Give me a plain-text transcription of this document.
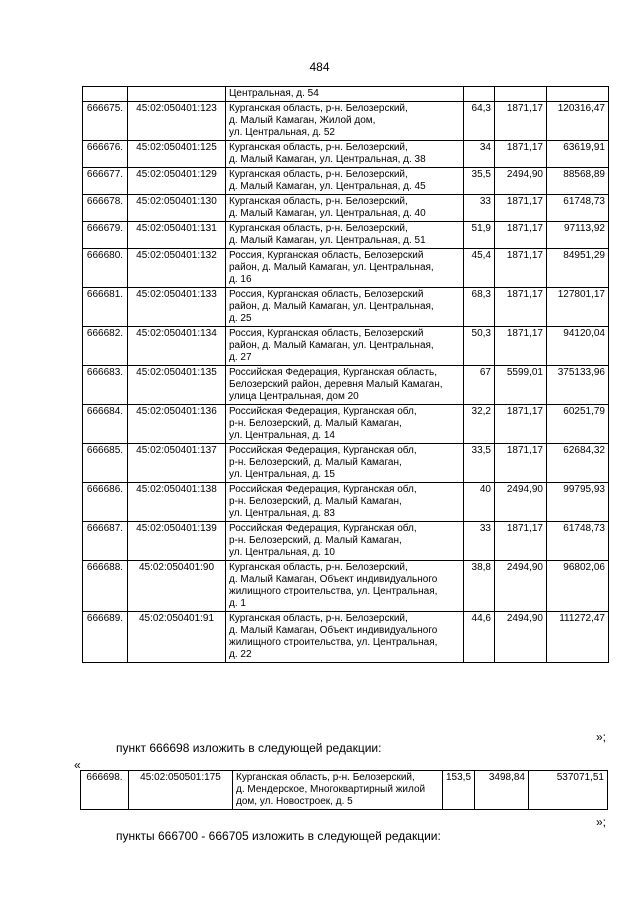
484
		Центральная, д. 54			
666675.	45:02:050401:123	Курганская область, р-н. Белозерский,
д. Малый Камаган, Жилой дом,
ул. Центральная, д. 52	64,3	1871,17	120316,47
666676.	45:02:050401:125	Курганская область, р-н. Белозерский,
д. Малый Камаган, ул. Центральная, д. 38	34	1871,17	63619,91
666677.	45:02:050401:129	Курганская область, р-н. Белозерский,
д. Малый Камаган, ул. Центральная, д. 45	35,5	2494,90	88568,89
666678.	45:02:050401:130	Курганская область, р-н. Белозерский,
д. Малый Камаган, ул. Центральная, д. 40	33	1871,17	61748,73
666679.	45:02:050401:131	Курганская область, р-н. Белозерский,
д. Малый Камаган, ул. Центральная, д. 51	51,9	1871,17	97113,92
666680.	45:02:050401:132	Россия, Курганская область, Белозерский
район, д. Малый Камаган, ул. Центральная,
д. 16	45,4	1871,17	84951,29
666681.	45:02:050401:133	Россия, Курганская область, Белозерский
район, д. Малый Камаган, ул. Центральная,
д. 25	68,3	1871,17	127801,17
666682.	45:02:050401:134	Россия, Курганская область, Белозерский
район, д. Малый Камаган, ул. Центральная,
д. 27	50,3	1871,17	94120,04
666683.	45:02:050401:135	Российская Федерация, Курганская область,
Белозерский район, деревня Малый Камаган,
улица Центральная, дом 20	67	5599,01	375133,96
666684.	45:02:050401:136	Российская Федерация, Курганская обл,
р-н. Белозерский, д. Малый Камаган,
ул. Центральная, д. 14	32,2	1871,17	60251,79
666685.	45:02:050401:137	Российская Федерация, Курганская обл,
р-н. Белозерский, д. Малый Камаган,
ул. Центральная, д. 15	33,5	1871,17	62684,32
666686.	45:02:050401:138	Российская Федерация, Курганская обл,
р-н. Белозерский, д. Малый Камаган,
ул. Центральная, д. 83	40	2494,90	99795,93
666687.	45:02:050401:139	Российская Федерация, Курганская обл,
р-н. Белозерский, д. Малый Камаган,
ул. Центральная, д. 10	33	1871,17	61748,73
666688.	45:02:050401:90	Курганская область, р-н. Белозерский,
д. Малый Камаган, Объект индивидуального
жилищного строительства, ул. Центральная,
д. 1	38,8	2494,90	96802,06
666689.	45:02:050401:91	Курганская область, р-н. Белозерский,
д. Малый Камаган, Объект индивидуального
жилищного строительства, ул. Центральная,
д. 22	44,6	2494,90	111272,47
»;
пункт 666698 изложить в следующей редакции:
«
666698.	45:02:050501:175	Курганская область, р-н. Белозерский,
д. Мендерское, Многоквартирный жилой
дом, ул. Новостроек, д. 5
	153,5	3498,84	537071,51
»;
пункты 666700 - 666705 изложить в следующей редакции:
